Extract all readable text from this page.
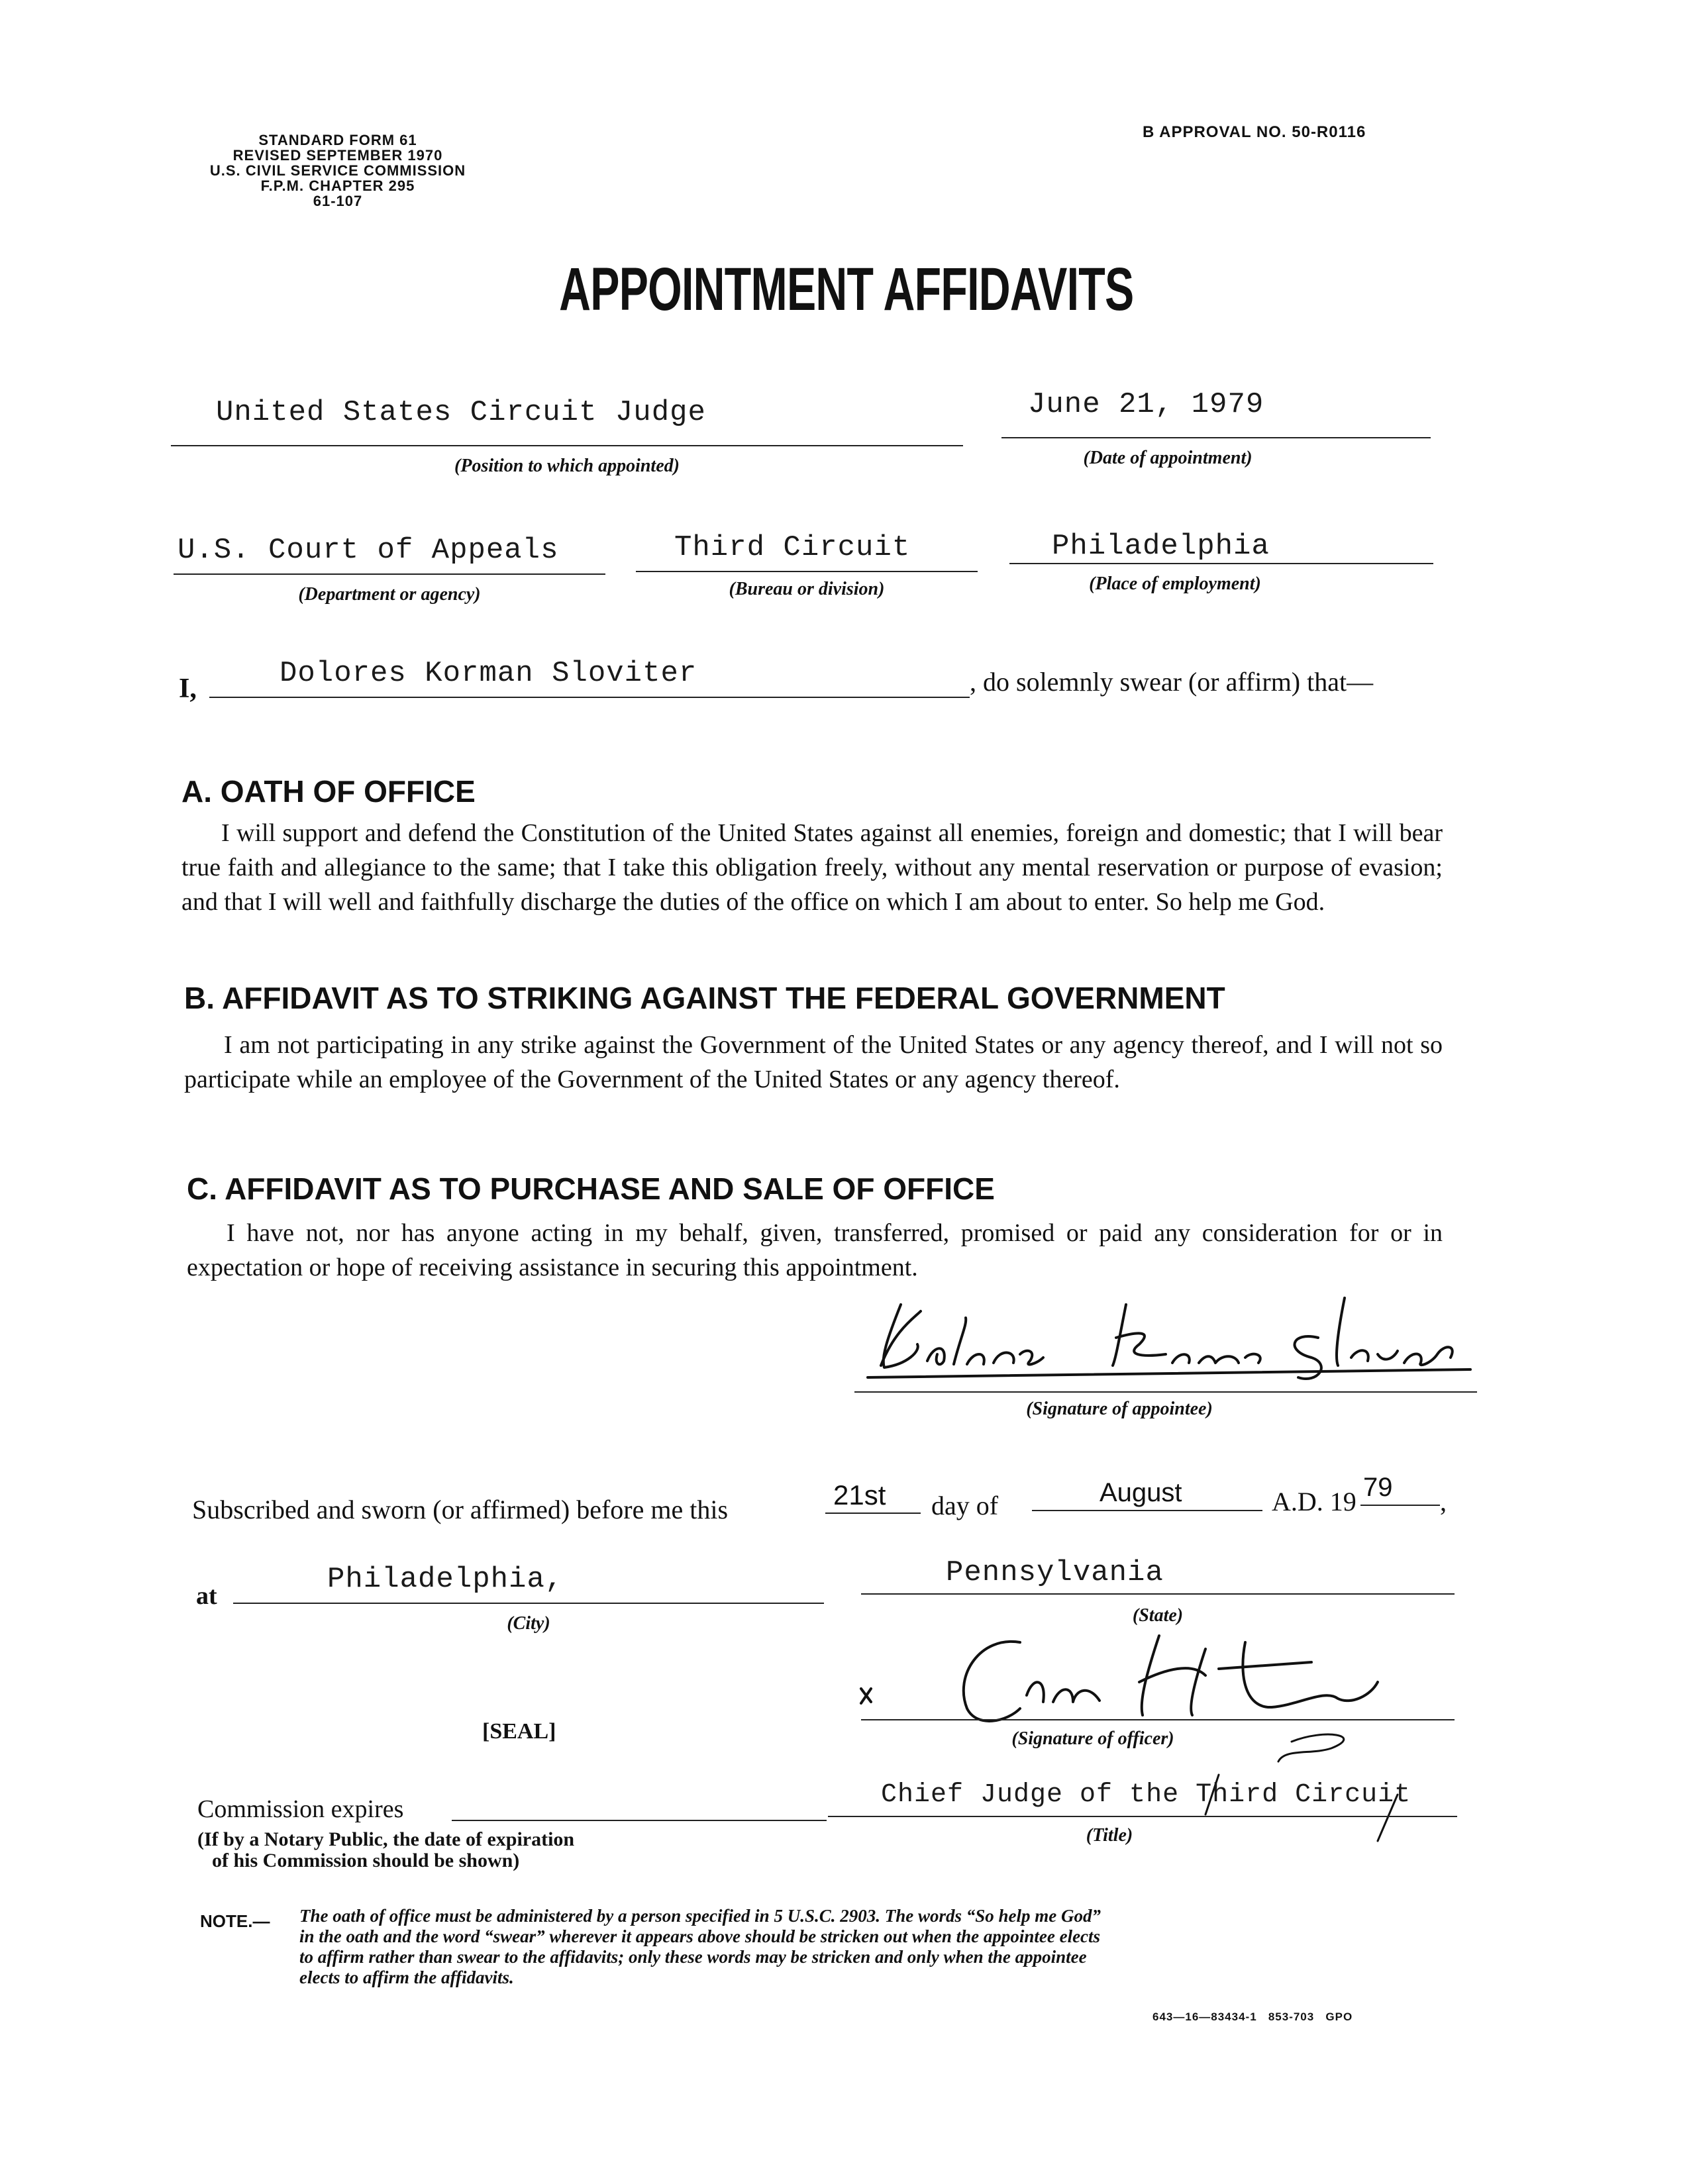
STANDARD FORM 61
REVISED SEPTEMBER 1970
U.S. CIVIL SERVICE COMMISSION
F.P.M. CHAPTER 295
61-107
B APPROVAL NO. 50-R0116
APPOINTMENT AFFIDAVITS
United States Circuit Judge
(Position to which appointed)
June 21, 1979
(Date of appointment)
U.S. Court of Appeals
(Department or agency)
Third Circuit
(Bureau or division)
Philadelphia
(Place of employment)
I,	Dolores Korman Sloviter	, do solemnly swear (or affirm) that—
A. OATH OF OFFICE
I will support and defend the Constitution of the United States against all enemies, foreign and domestic; that I will bear true faith and allegiance to the same; that I take this obligation freely, without any mental reservation or purpose of evasion; and that I will well and faithfully discharge the duties of the office on which I am about to enter. So help me God.
B. AFFIDAVIT AS TO STRIKING AGAINST THE FEDERAL GOVERNMENT
I am not participating in any strike against the Government of the United States or any agency thereof, and I will not so participate while an employee of the Government of the United States or any agency thereof.
C. AFFIDAVIT AS TO PURCHASE AND SALE OF OFFICE
I have not, nor has anyone acting in my behalf, given, transferred, promised or paid any consideration for or in expectation or hope of receiving assistance in securing this appointment.
(Signature of appointee)
Subscribed and sworn (or affirmed) before me this	21st day of	August	A.D. 19 79 ,
at	Philadelphia,
(City)
Pennsylvania
(State)
(Signature of officer)
[SEAL]
Commission expires
(If by a Notary Public, the date of expiration
of his Commission should be shown)
Chief Judge of the Third Circuit
(Title)
NOTE.— The oath of office must be administered by a person specified in 5 U.S.C. 2903. The words “So help me God”
in the oath and the word “swear” wherever it appears above should be stricken out when the appointee elects
to affirm rather than swear to the affidavits; only these words may be stricken and only when the appointee
elects to affirm the affidavits.
643—16—83434-1   853-703   GPO
